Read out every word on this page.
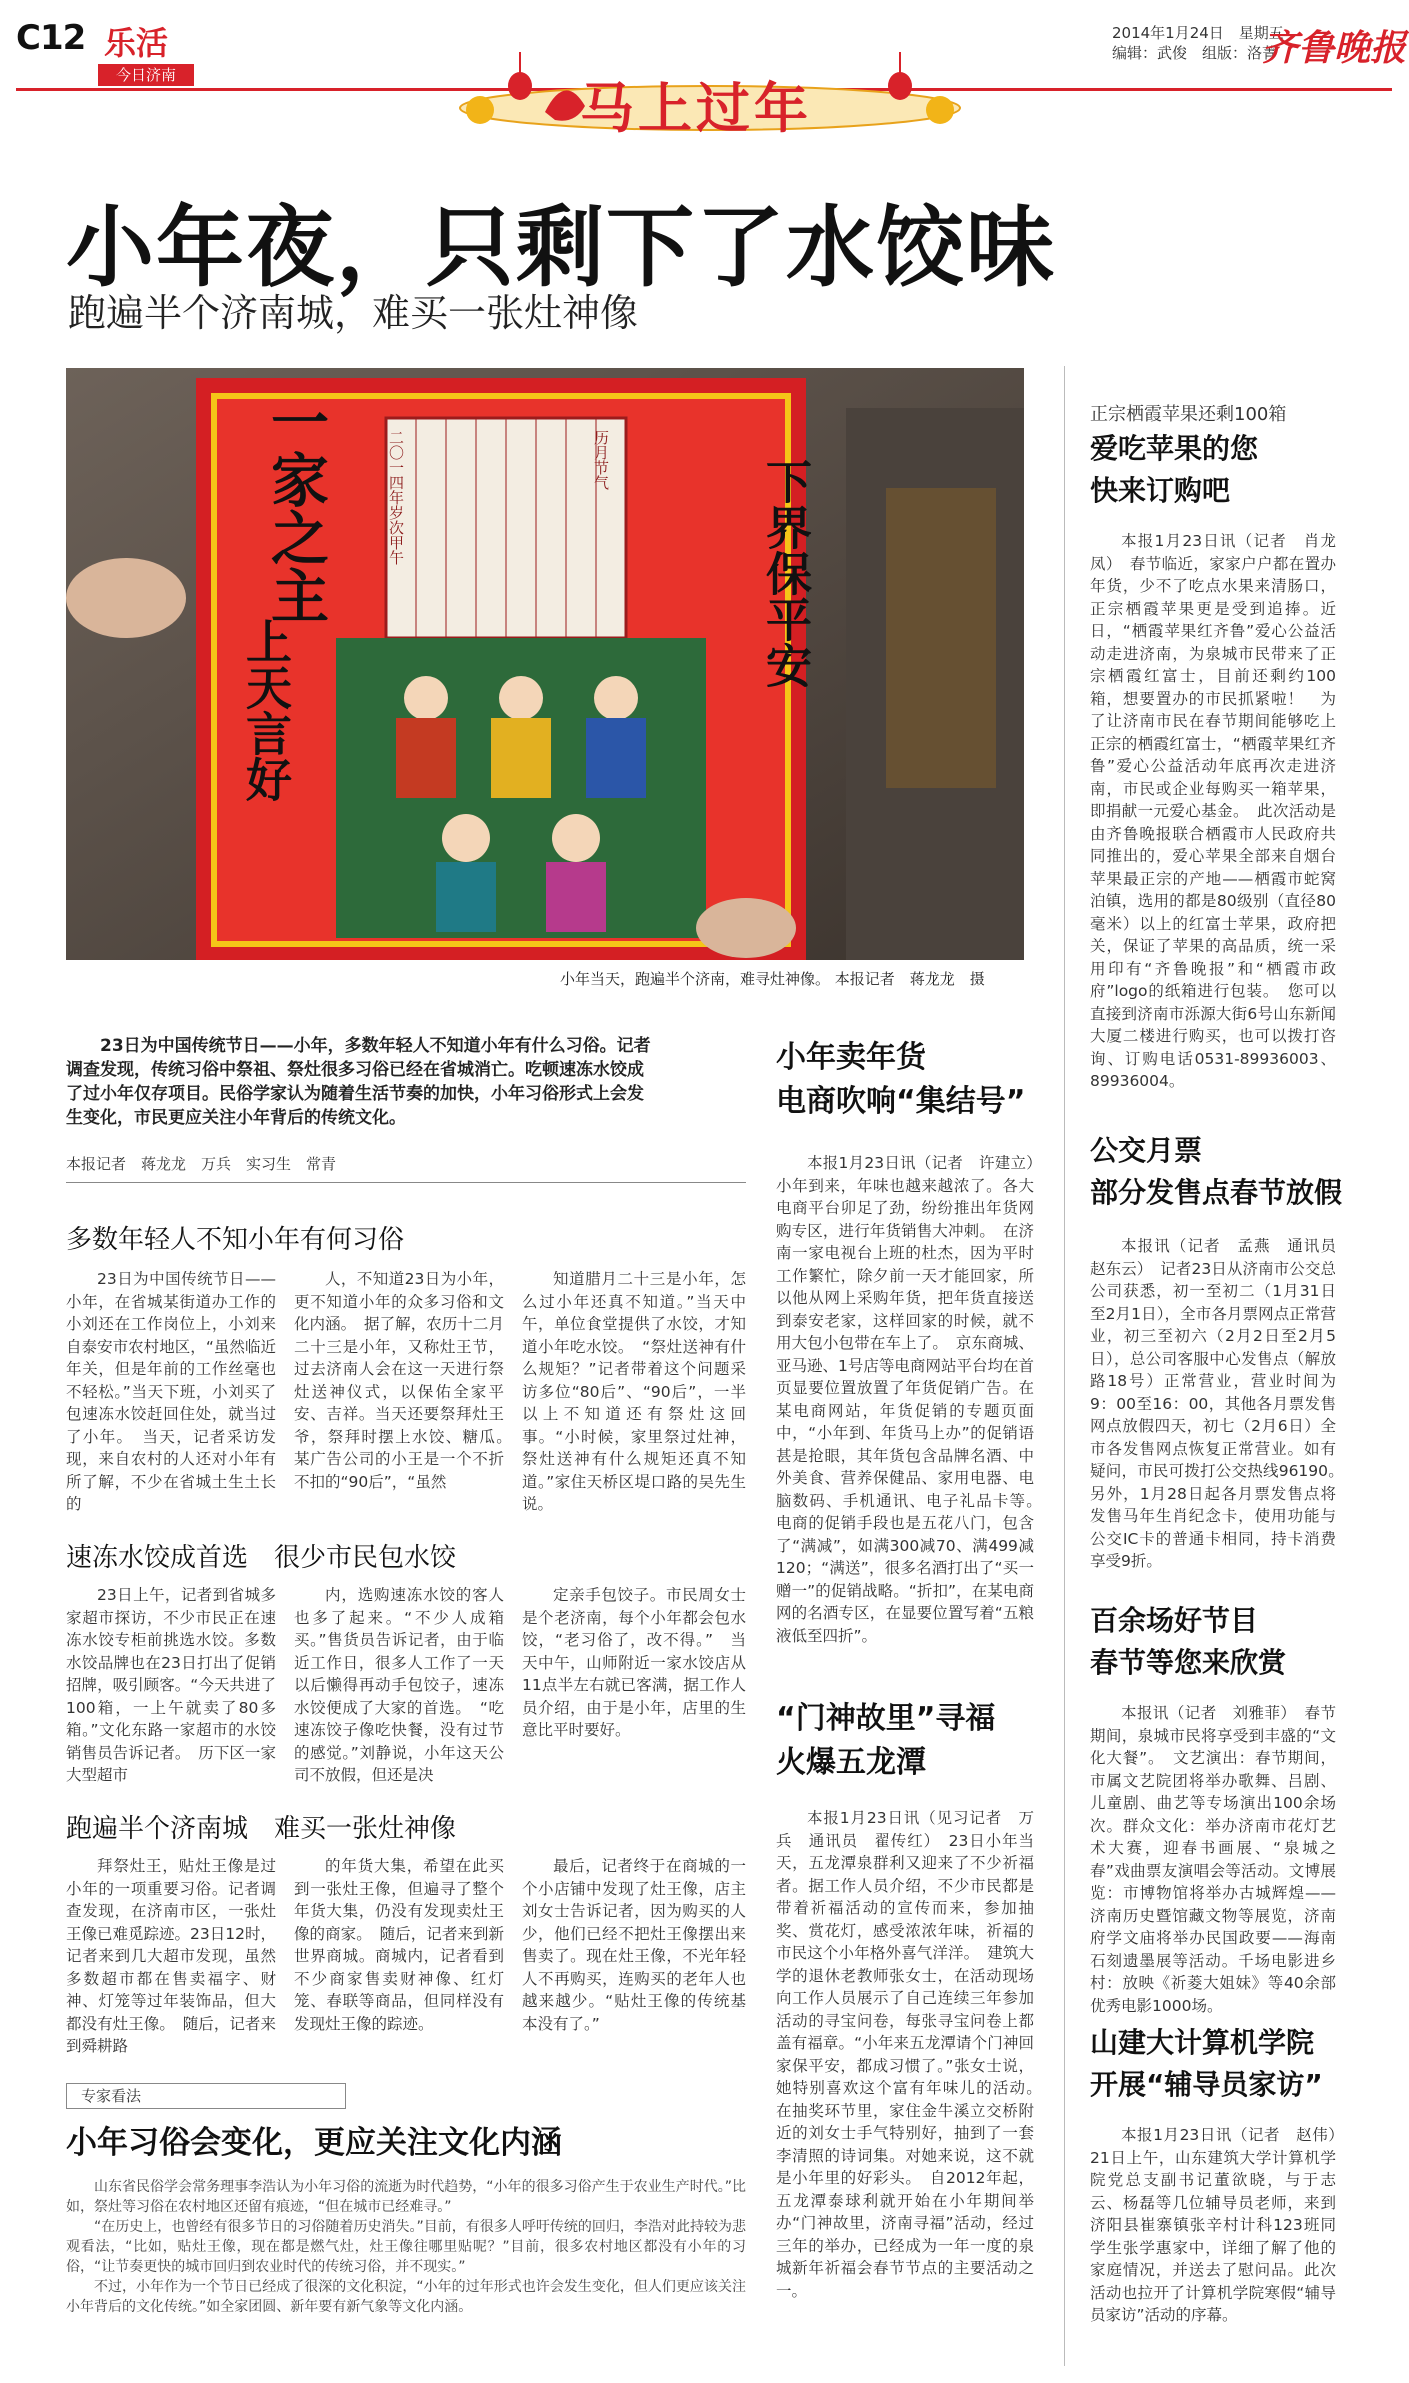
C12 乐活
今日济南
马上过年
2014年1月24日　星期五
编辑：武俊　组版：洛菁
齐鲁晚报
小年夜，只剩下了水饺味
跑遍半个济南城，难买一张灶神像
一家之主	下界保平安
上天言好
二〇一四年岁次甲午	历月节气
小年当天，跑遍半个济南，难寻灶神像。 本报记者　蒋龙龙　摄
23日为中国传统节日——小年，多数年轻人不知道小年有什么习俗。记者调查发现，传统习俗中祭祖、祭灶很多习俗已经在省城消亡。吃顿速冻水饺成了过小年仅存项目。民俗学家认为随着生活节奏的加快，小年习俗形式上会发生变化，市民更应关注小年背后的传统文化。
本报记者　蒋龙龙　万兵　实习生　常青
多数年轻人不知小年有何习俗

23日为中国传统节日——小年，在省城某街道办工作的小刘还在工作岗位上，小刘来自泰安市农村地区，“虽然临近年关，但是年前的工作丝毫也不轻松。”当天下班，小刘买了包速冻水饺赶回住处，就当过了小年。　当天，记者采访发现，来自农村的人还对小年有所了解，不少在省城土生土长的

人，不知道23日为小年，更不知道小年的众多习俗和文化内涵。　据了解，农历十二月二十三是小年，又称灶王节，过去济南人会在这一天进行祭灶送神仪式，以保佑全家平安、吉祥。当天还要祭拜灶王爷，祭拜时摆上水饺、糖瓜。　某广告公司的小王是一个不折不扣的“90后”，“虽然

知道腊月二十三是小年，怎么过小年还真不知道。”当天中午，单位食堂提供了水饺，才知道小年吃水饺。　“祭灶送神有什么规矩？”记者带着这个问题采访多位“80后”、“90后”，一半以上不知道还有祭灶这回事。“小时候，家里祭过灶神，祭灶送神有什么规矩还真不知道。”家住天桥区堤口路的吴先生说。

速冻水饺成首选　很少市民包水饺

23日上午，记者到省城多家超市探访，不少市民正在速冻水饺专柜前挑选水饺。多数水饺品牌也在23日打出了促销招牌，吸引顾客。“今天共进了100箱，一上午就卖了80多箱。”文化东路一家超市的水饺销售员告诉记者。　历下区一家大型超市

内，选购速冻水饺的客人也多了起来。“不少人成箱买。”售货员告诉记者，由于临近工作日，很多人工作了一天以后懒得再动手包饺子，速冻水饺便成了大家的首选。　“吃速冻饺子像吃快餐，没有过节的感觉。”刘静说，小年这天公司不放假，但还是决

定亲手包饺子。市民周女士是个老济南，每个小年都会包水饺，“老习俗了，改不得。”　当天中午，山师附近一家水饺店从11点半左右就已客满，据工作人员介绍，由于是小年，店里的生意比平时要好。

跑遍半个济南城　难买一张灶神像

拜祭灶王，贴灶王像是过小年的一项重要习俗。记者调查发现，在济南市区，一张灶王像已难觅踪迹。23日12时，记者来到几大超市发现，虽然多数超市都在售卖福字、财神、灯笼等过年装饰品，但大都没有灶王像。　随后，记者来到舜耕路

的年货大集，希望在此买到一张灶王像，但遍寻了整个年货大集，仍没有发现卖灶王像的商家。　随后，记者来到新世界商城。商城内，记者看到不少商家售卖财神像、红灯笼、春联等商品，但同样没有发现灶王像的踪迹。

最后，记者终于在商城的一个小店铺中发现了灶王像，店主刘女士告诉记者，因为购买的人少，他们已经不把灶王像摆出来售卖了。现在灶王像，不光年轻人不再购买，连购买的老年人也越来越少。“贴灶王像的传统基本没有了。”

专家看法
小年习俗会变化，更应关注文化内涵

山东省民俗学会常务理事李浩认为小年习俗的流逝为时代趋势，“小年的很多习俗产生于农业生产时代。”比如，祭灶等习俗在农村地区还留有痕迹，“但在城市已经难寻。”

“在历史上，也曾经有很多节日的习俗随着历史消失。”目前，有很多人呼吁传统的回归，李浩对此持较为悲观看法，“比如，贴灶王像，现在都是燃气灶，灶王像往哪里贴呢？”目前，很多农村地区都没有小年的习俗，“让节奏更快的城市回归到农业时代的传统习俗，并不现实。”

不过，小年作为一个节日已经成了很深的文化积淀，“小年的过年形式也许会发生变化，但人们更应该关注小年背后的文化传统。”如全家团圆、新年要有新气象等文化内涵。

小年卖年货
电商吹响“集结号”

本报1月23日讯（记者　许建立）　小年到来，年味也越来越浓了。各大电商平台卯足了劲，纷纷推出年货网购专区，进行年货销售大冲刺。　在济南一家电视台上班的杜杰，因为平时工作繁忙，除夕前一天才能回家，所以他从网上采购年货，把年货直接送到泰安老家，这样回家的时候，就不用大包小包带在车上了。　京东商城、亚马逊、1号店等电商网站平台均在首页显要位置放置了年货促销广告。在某电商网站，年货促销的专题页面中，“小年到、年货马上办”的促销语甚是抢眼，其年货包含品牌名酒、中外美食、营养保健品、家用电器、电脑数码、手机通讯、电子礼品卡等。　电商的促销手段也是五花八门，包含了“满减”，如满300减70、满499减120；“满送”，很多名酒打出了“买一赠一”的促销战略。“折扣”，在某电商网的名酒专区，在显要位置写着“五粮液低至四折”。

“门神故里”寻福
火爆五龙潭

本报1月23日讯（见习记者　万兵　通讯员　翟传红）　23日小年当天，五龙潭泉群利又迎来了不少祈福者。据工作人员介绍，不少市民都是带着祈福活动的宣传而来，参加抽奖、赏花灯，感受浓浓年味，祈福的市民这个小年格外喜气洋洋。　建筑大学的退休老教师张女士，在活动现场向工作人员展示了自己连续三年参加活动的寻宝问卷，每张寻宝问卷上都盖有福章。“小年来五龙潭请个门神回家保平安，都成习惯了。”张女士说，她特别喜欢这个富有年味儿的活动。　在抽奖环节里，家住金牛溪立交桥附近的刘女士手气特别好，抽到了一套李清照的诗词集。对她来说，这不就是小年里的好彩头。　自2012年起，五龙潭泰球利就开始在小年期间举办“门神故里，济南寻福”活动，经过三年的举办，已经成为一年一度的泉城新年祈福会春节节点的主要活动之一。

正宗栖霞苹果还剩100箱
爱吃苹果的您
快来订购吧

本报1月23日讯（记者　肖龙凤）　春节临近，家家户户都在置办年货，少不了吃点水果来清肠口，正宗栖霞苹果更是受到追捧。近日，“栖霞苹果红齐鲁”爱心公益活动走进济南，为泉城市民带来了正宗栖霞红富士，目前还剩约100箱，想要置办的市民抓紧啦！　为了让济南市民在春节期间能够吃上正宗的栖霞红富士，“栖霞苹果红齐鲁”爱心公益活动年底再次走进济南，市民或企业每购买一箱苹果，即捐献一元爱心基金。　此次活动是由齐鲁晚报联合栖霞市人民政府共同推出的，爱心苹果全部来自烟台苹果最正宗的产地——栖霞市蛇窝泊镇，选用的都是80级别（直径80毫米）以上的红富士苹果，政府把关，保证了苹果的高品质，统一采用印有“齐鲁晚报”和“栖霞市政府”logo的纸箱进行包装。　您可以直接到济南市泺源大街6号山东新闻大厦二楼进行购买，也可以拨打咨询、订购电话0531-89936003、89936004。

公交月票
部分发售点春节放假

本报讯（记者　孟燕　通讯员赵东云）　记者23日从济南市公交总公司获悉，初一至初二（1月31日至2月1日），全市各月票网点正常营业，初三至初六（2月2日至2月5日），总公司客服中心发售点（解放路18号）正常营业，营业时间为9：00至16：00，其他各月票发售网点放假四天，初七（2月6日）全市各发售网点恢复正常营业。如有疑问，市民可拨打公交热线96190。　另外，1月28日起各月票发售点将发售马年生肖纪念卡，使用功能与公交IC卡的普通卡相同，持卡消费享受9折。

百余场好节目
春节等您来欣赏

本报讯（记者　刘雅菲）　春节期间，泉城市民将享受到丰盛的“文化大餐”。　文艺演出：春节期间，市属文艺院团将举办歌舞、吕剧、儿童剧、曲艺等专场演出100余场次。群众文化：举办济南市花灯艺术大赛，迎春书画展、“泉城之春”戏曲票友演唱会等活动。文博展览：市博物馆将举办古城辉煌——济南历史暨馆藏文物等展览，济南府学文庙将举办民国政要——海南石刻遗墨展等活动。千场电影进乡村：放映《祈菱大姐妹》等40余部优秀电影1000场。

山建大计算机学院
开展“辅导员家访”

本报1月23日讯（记者　赵伟）　21日上午，山东建筑大学计算机学院党总支副书记董欲晓，与于志云、杨磊等几位辅导员老师，来到济阳县崔寨镇张辛村计科123班同学生张学惠家中，详细了解了他的家庭情况，并送去了慰问品。此次活动也拉开了计算机学院寒假“辅导员家访”活动的序幕。
